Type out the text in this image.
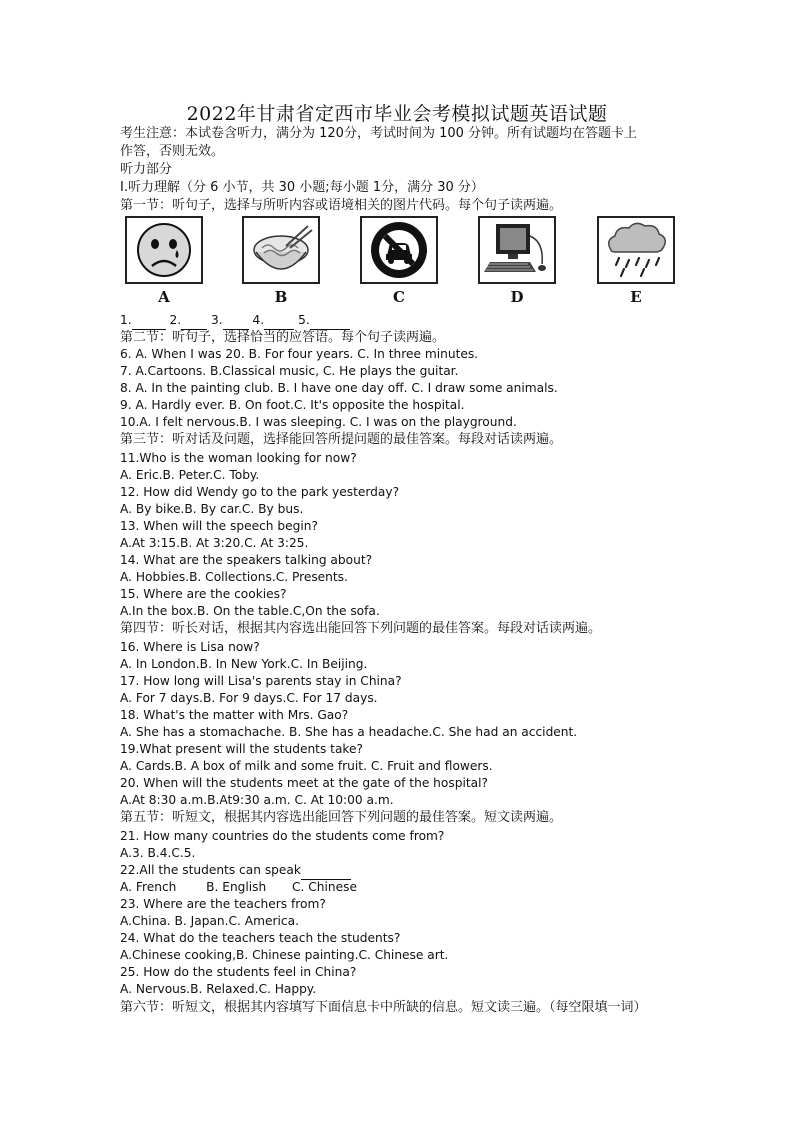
2022年甘肃省定西市毕业会考模拟试题英语试题
考生注意：本试卷含听力，满分为 120分，考试时间为 100 分钟。所有试题均在答题卡上
作答，否则无效。
听力部分
I.听力理解（分 6 小节，共 30 小题;每小题 1分，满分 30 分）
第一节：听句子，选择与所听内容或语境相关的图片代码。每个句子读两遍。
A	B	C	D	E
1.	2. 3. 4.	5.
第二节：听句子，选择恰当的应答语。每个句子读两遍。
6. A. When I was 20. B. For four years. C. In three minutes.
7. A.Cartoons. B.Classical music, C. He plays the guitar.
8. A. In the painting club. B. I have one day off. C. I draw some animals.
9. A. Hardly ever. B. On foot.C. It's opposite the hospital.
10.A. I felt nervous.B. I was sleeping. C. I was on the playground.
第三节：听对话及问题，选择能回答所提问题的最佳答案。每段对话读两遍。
11.Who is the woman looking for now?
A. Eric.B. Peter.C. Toby.
12. How did Wendy go to the park yesterday?
A. By bike.B. By car.C. By bus.
13. When will the speech begin?
A.At 3:15.B. At 3:20.C. At 3:25.
14. What are the speakers talking about?
A. Hobbies.B. Collections.C. Presents.
15. Where are the cookies?
A.In the box.B. On the table.C,On the sofa.
第四节：听长对话，根据其内容选出能回答下列问题的最佳答案。每段对话读两遍。
16. Where is Lisa now?
A. In London.B. In New York.C. In Beijing.
17. How long will Lisa's parents stay in China?
A. For 7 days.B. For 9 days.C. For 17 days.
18. What's the matter with Mrs. Gao?
A. She has a stomachache. B. She has a headache.C. She had an accident.
19.What present will the students take?
A. Cards.B. A box of milk and some fruit. C. Fruit and flowers.
20. When will the students meet at the gate of the hospital?
A.At 8:30 a.m.B.At9:30 a.m. C. At 10:00 a.m.
第五节：听短文，根据其内容选出能回答下列问题的最佳答案。短文读两遍。
21. How many countries do the students come from?
A.3. B.4.C.5.
22.All the students can speak
A. French B. English C. Chinese
23. Where are the teachers from?
A.China. B. Japan.C. America.
24. What do the teachers teach the students?
A.Chinese cooking,B. Chinese painting.C. Chinese art.
25. How do the students feel in China?
A. Nervous.B. Relaxed.C. Happy.
第六节：听短文，根据其内容填写下面信息卡中所缺的信息。短文读三遍。（每空限填一词）
